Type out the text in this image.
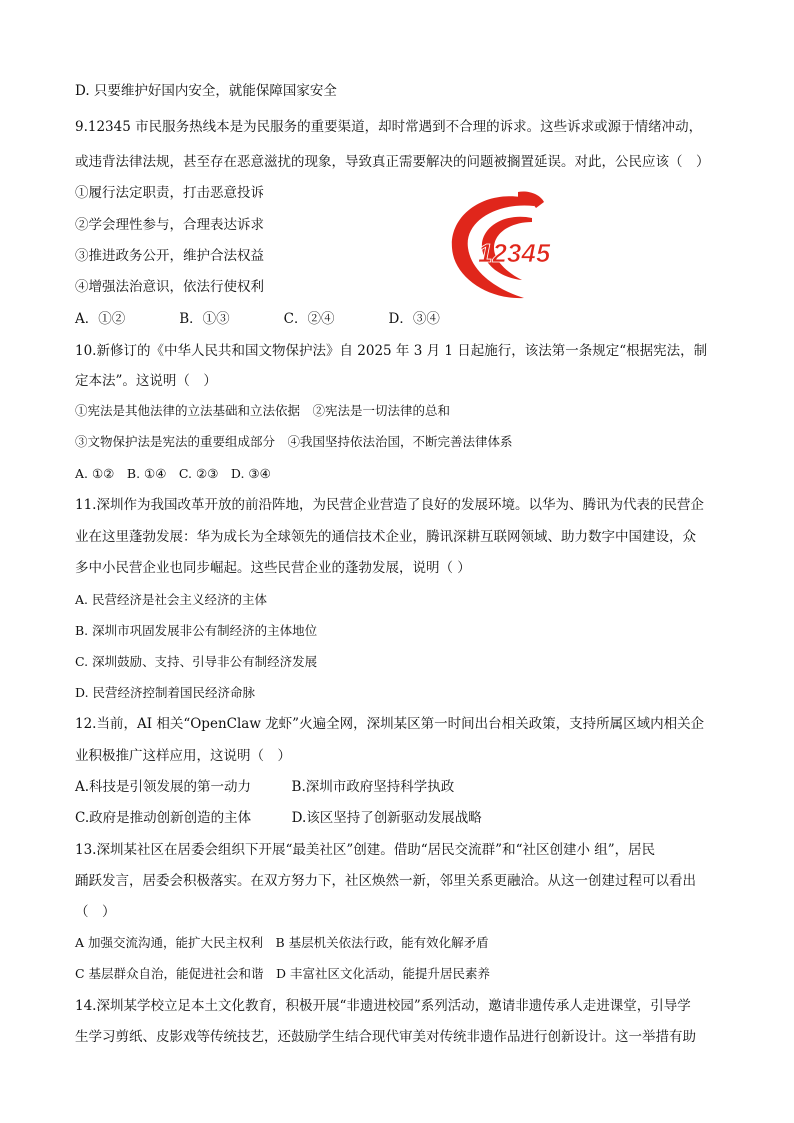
D. 只要维护好国内安全，就能保障国家安全
9.12345 市民服务热线本是为民服务的重要渠道，却时常遇到不合理的诉求。这些诉求或源于情绪冲动，
或违背法律法规，甚至存在恶意滋扰的现象，导致真正需要解决的问题被搁置延误。对此，公民应该（　）
①履行法定职责，打击恶意投诉
②学会理性参与，合理表达诉求
③推进政务公开，维护合法权益
④增强法治意识，依法行使权利
A．①②　　　　B．①③　　　　C．②④　　　　D．③④
10.新修订的《中华人民共和国文物保护法》自 2025 年 3 月 1 日起施行，该法第一条规定“根据宪法，制
定本法”。这说明（　）
①宪法是其他法律的立法基础和立法依据　②宪法是一切法律的总和
③文物保护法是宪法的重要组成部分　④我国坚持依法治国，不断完善法律体系
A. ①②　B. ①④　C. ②③　D. ③④
11.深圳作为我国改革开放的前沿阵地，为民营企业营造了良好的发展环境。以华为、腾讯为代表的民营企
业在这里蓬勃发展：华为成长为全球领先的通信技术企业，腾讯深耕互联网领域、助力数字中国建设，众
多中小民营企业也同步崛起。这些民营企业的蓬勃发展，说明（ ）
A. 民营经济是社会主义经济的主体
B. 深圳市巩固发展非公有制经济的主体地位
C. 深圳鼓励、支持、引导非公有制经济发展
D. 民营经济控制着国民经济命脉
12.当前，AI 相关“OpenClaw 龙虾”火遍全网，深圳某区第一时间出台相关政策，支持所属区域内相关企
业积极推广这样应用，这说明（　）
A.科技是引领发展的第一动力　　　B.深圳市政府坚持科学执政
C.政府是推动创新创造的主体　　　D.该区坚持了创新驱动发展战略
13.深圳某社区在居委会组织下开展“最美社区”创建。借助“居民交流群”和“社区创建小 组”，居民
踊跃发言，居委会积极落实。在双方努力下，社区焕然一新，邻里关系更融洽。从这一创建过程可以看出
（　）
A 加强交流沟通，能扩大民主权利　B 基层机关依法行政，能有效化解矛盾
C 基层群众自治，能促进社会和谐　D 丰富社区文化活动，能提升居民素养
14.深圳某学校立足本土文化教育，积极开展“非遗进校园”系列活动，邀请非遗传承人走进课堂，引导学
生学习剪纸、皮影戏等传统技艺，还鼓励学生结合现代审美对传统非遗作品进行创新设计。这一举措有助
12345
